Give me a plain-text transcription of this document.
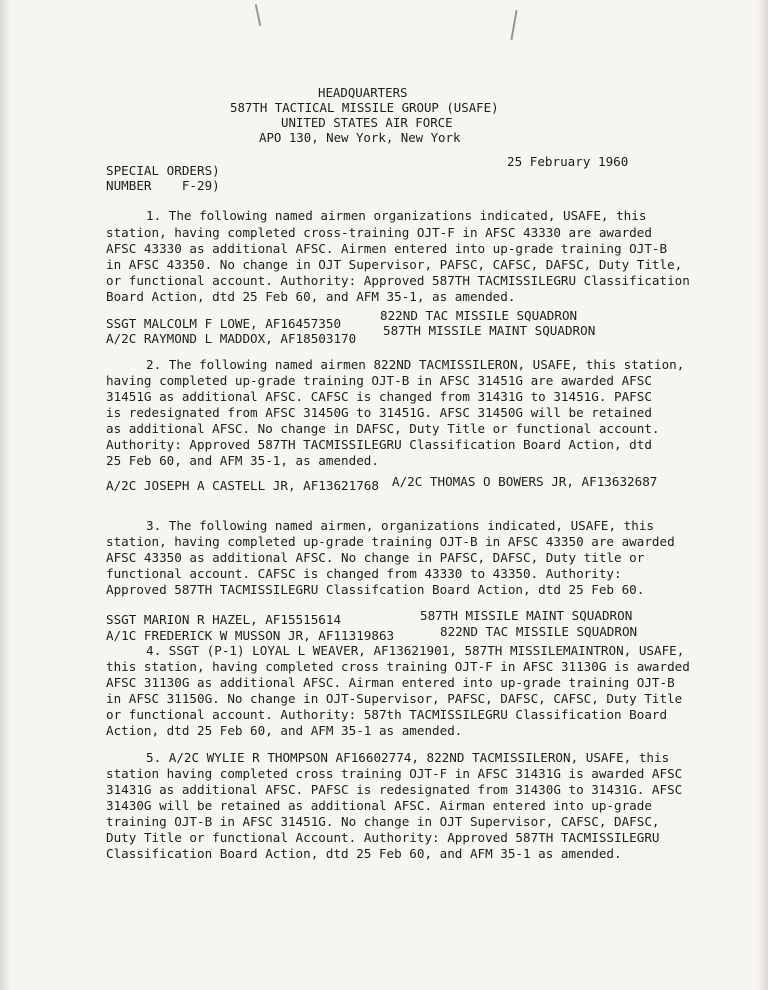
HEADQUARTERS
587TH TACTICAL MISSILE GROUP (USAFE)
UNITED STATES AIR FORCE
APO 130, New York, New York
SPECIAL ORDERS)
NUMBER    F-29)
25 February 1960
1. The following named airmen organizations indicated, USAFE, this
station, having completed cross-training OJT-F in AFSC 43330 are awarded
AFSC 43330 as additional AFSC. Airmen entered into up-grade training OJT-B
in AFSC 43350. No change in OJT Supervisor, PAFSC, CAFSC, DAFSC, Duty Title,
or functional account. Authority: Approved 587TH TACMISSILEGRU Classification
Board Action, dtd 25 Feb 60, and AFM 35-1, as amended.
SSGT MALCOLM F LOWE, AF16457350
822ND TAC MISSILE SQUADRON
A/2C RAYMOND L MADDOX, AF18503170
587TH MISSILE MAINT SQUADRON
2. The following named airmen 822ND TACMISSILERON, USAFE, this station,
having completed up-grade training OJT-B in AFSC 31451G are awarded AFSC
31451G as additional AFSC. CAFSC is changed from 31431G to 31451G. PAFSC
is redesignated from AFSC 31450G to 31451G. AFSC 31450G will be retained
as additional AFSC. No change in DAFSC, Duty Title or functional account.
Authority: Approved 587TH TACMISSILEGRU Classification Board Action, dtd
25 Feb 60, and AFM 35-1, as amended.
A/2C JOSEPH A CASTELL JR, AF13621768 A/2C THOMAS O BOWERS JR, AF13632687
3. The following named airmen, organizations indicated, USAFE, this
station, having completed up-grade training OJT-B in AFSC 43350 are awarded
AFSC 43350 as additional AFSC. No change in PAFSC, DAFSC, Duty title or
functional account. CAFSC is changed from 43330 to 43350. Authority:
Approved 587TH TACMISSILEGRU Classifcation Board Action, dtd 25 Feb 60.
SSGT MARION R HAZEL, AF15515614	587TH MISSILE MAINT SQUADRON
A/1C FREDERICK W MUSSON JR, AF11319863	822ND TAC MISSILE SQUADRON
4. SSGT (P-1) LOYAL L WEAVER, AF13621901, 587TH MISSILEMAINTRON, USAFE,
this station, having completed cross training OJT-F in AFSC 31130G is awarded
AFSC 31130G as additional AFSC. Airman entered into up-grade training OJT-B
in AFSC 31150G. No change in OJT-Supervisor, PAFSC, DAFSC, CAFSC, Duty Title
or functional account. Authority: 587th TACMISSILEGRU Classification Board
Action, dtd 25 Feb 60, and AFM 35-1 as amended.
5. A/2C WYLIE R THOMPSON AF16602774, 822ND TACMISSILERON, USAFE, this
station having completed cross training OJT-F in AFSC 31431G is awarded AFSC
31431G as additional AFSC. PAFSC is redesignated from 31430G to 31431G. AFSC
31430G will be retained as additional AFSC. Airman entered into up-grade
training OJT-B in AFSC 31451G. No change in OJT Supervisor, CAFSC, DAFSC,
Duty Title or functional Account. Authority: Approved 587TH TACMISSILEGRU
Classification Board Action, dtd 25 Feb 60, and AFM 35-1 as amended.
